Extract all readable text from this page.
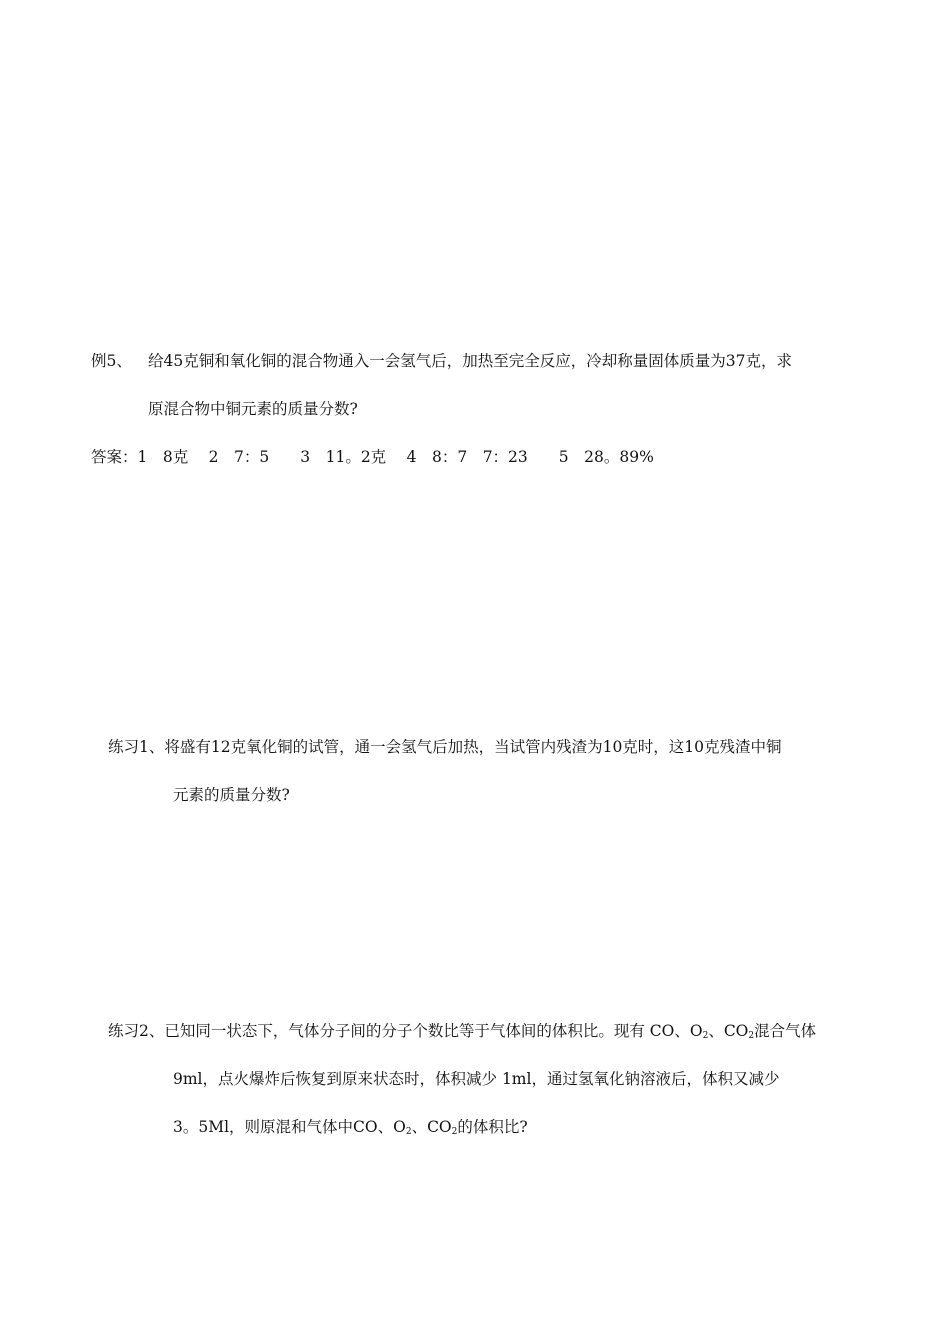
例5、 给45克铜和氧化铜的混合物通入一会氢气后，加热至完全反应，冷却称量固体质量为37克，求
原混合物中铜元素的质量分数?
答案：1　8克　 2　7：5　　3　11。2克　 4　8：7　7：23　　5　28。89%
练习1、将盛有12克氧化铜的试管，通一会氢气后加热，当试管内残渣为10克时，这10克残渣中铜
元素的质量分数?
练习2、已知同一状态下，气体分子间的分子个数比等于气体间的体积比。现有 CO、$O_2$、$CO_2$混合气体
9ml，点火爆炸后恢复到原来状态时，体积减少 1ml，通过氢氧化钠溶液后，体积又减少
3。5Ml，则原混和气体中CO、$O_2$、$CO_2$的体积比?
